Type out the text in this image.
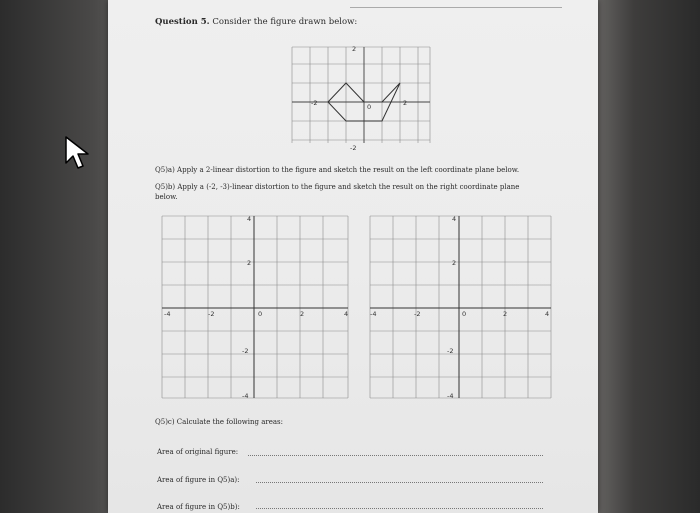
Question 5. Consider the figure drawn below:
2
-2
-2	0	2
Q5)a) Apply a 2-linear distortion to the figure and sketch the result on the left coordinate plane below.
Q5)b) Apply a (-2, -3)-linear distortion to the figure and sketch the result on the right coordinate plane
below.
4
2
-2
-4
-4	-2	0	2	4
4
2
-2
-4
-4	-2	0	2	4
Q5)c) Calculate the following areas:
Area of original figure:
Area of figure in Q5)a):
Area of figure in Q5)b):
